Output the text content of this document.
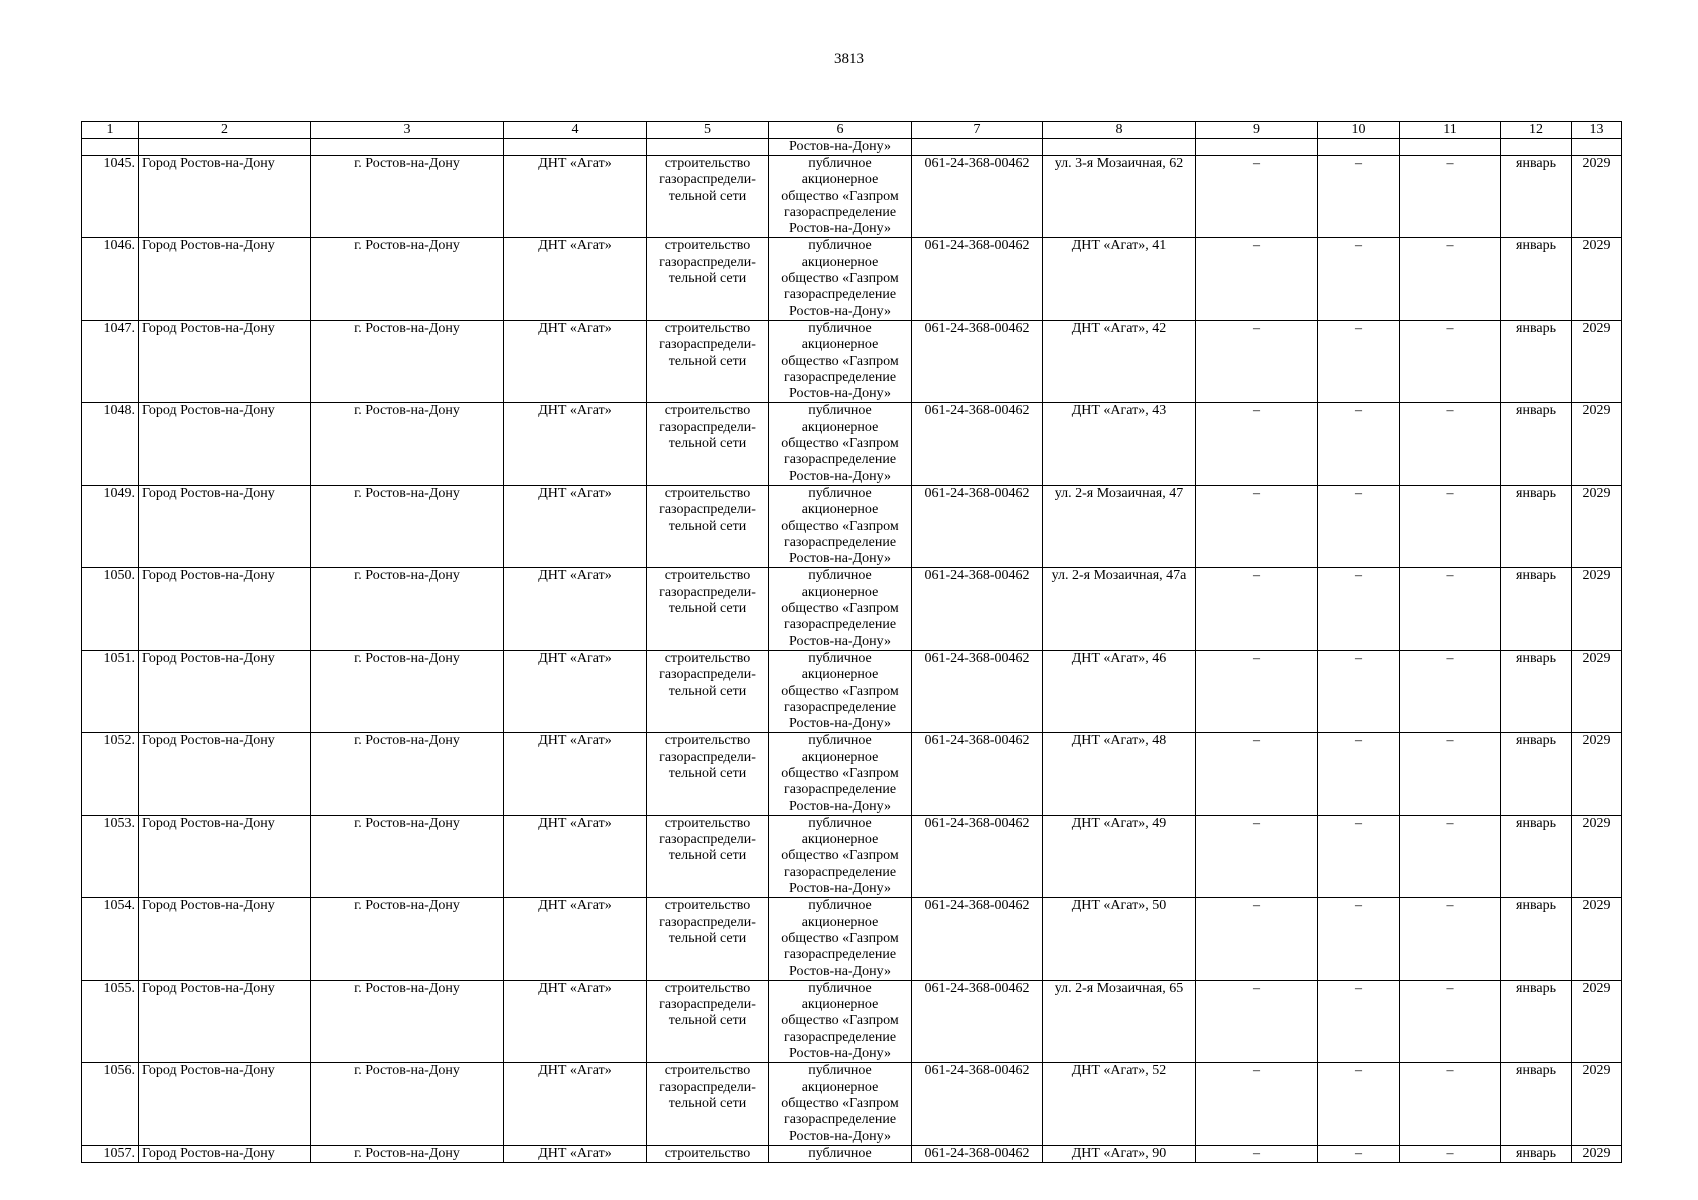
3813
1	2	3	4	5	6	7	8	9	10	11	12	13
					Ростов-на-Дону»							
1045.	Город Ростов-на-Дону	г. Ростов-на-Дону	ДНТ «Агат»	строительство газораспредели-тельной сети	публичное акционерное общество «Газпром газораспределение Ростов-на-Дону»	061-24-368-00462	ул. 3-я Мозаичная, 62	–	–	–	январь	2029
1046.	Город Ростов-на-Дону	г. Ростов-на-Дону	ДНТ «Агат»	строительство газораспредели-тельной сети	публичное акционерное общество «Газпром газораспределение Ростов-на-Дону»	061-24-368-00462	ДНТ «Агат», 41	–	–	–	январь	2029
1047.	Город Ростов-на-Дону	г. Ростов-на-Дону	ДНТ «Агат»	строительство газораспредели-тельной сети	публичное акционерное общество «Газпром газораспределение Ростов-на-Дону»	061-24-368-00462	ДНТ «Агат», 42	–	–	–	январь	2029
1048.	Город Ростов-на-Дону	г. Ростов-на-Дону	ДНТ «Агат»	строительство газораспредели-тельной сети	публичное акционерное общество «Газпром газораспределение Ростов-на-Дону»	061-24-368-00462	ДНТ «Агат», 43	–	–	–	январь	2029
1049.	Город Ростов-на-Дону	г. Ростов-на-Дону	ДНТ «Агат»	строительство газораспредели-тельной сети	публичное акционерное общество «Газпром газораспределение Ростов-на-Дону»	061-24-368-00462	ул. 2-я Мозаичная, 47	–	–	–	январь	2029
1050.	Город Ростов-на-Дону	г. Ростов-на-Дону	ДНТ «Агат»	строительство газораспредели-тельной сети	публичное акционерное общество «Газпром газораспределение Ростов-на-Дону»	061-24-368-00462	ул. 2-я Мозаичная, 47а	–	–	–	январь	2029
1051.	Город Ростов-на-Дону	г. Ростов-на-Дону	ДНТ «Агат»	строительство газораспредели-тельной сети	публичное акционерное общество «Газпром газораспределение Ростов-на-Дону»	061-24-368-00462	ДНТ «Агат», 46	–	–	–	январь	2029
1052.	Город Ростов-на-Дону	г. Ростов-на-Дону	ДНТ «Агат»	строительство газораспредели-тельной сети	публичное акционерное общество «Газпром газораспределение Ростов-на-Дону»	061-24-368-00462	ДНТ «Агат», 48	–	–	–	январь	2029
1053.	Город Ростов-на-Дону	г. Ростов-на-Дону	ДНТ «Агат»	строительство газораспредели-тельной сети	публичное акционерное общество «Газпром газораспределение Ростов-на-Дону»	061-24-368-00462	ДНТ «Агат», 49	–	–	–	январь	2029
1054.	Город Ростов-на-Дону	г. Ростов-на-Дону	ДНТ «Агат»	строительство газораспредели-тельной сети	публичное акционерное общество «Газпром газораспределение Ростов-на-Дону»	061-24-368-00462	ДНТ «Агат», 50	–	–	–	январь	2029
1055.	Город Ростов-на-Дону	г. Ростов-на-Дону	ДНТ «Агат»	строительство газораспредели-тельной сети	публичное акционерное общество «Газпром газораспределение Ростов-на-Дону»	061-24-368-00462	ул. 2-я Мозаичная, 65	–	–	–	январь	2029
1056.	Город Ростов-на-Дону	г. Ростов-на-Дону	ДНТ «Агат»	строительство газораспредели-тельной сети	публичное акционерное общество «Газпром газораспределение Ростов-на-Дону»	061-24-368-00462	ДНТ «Агат», 52	–	–	–	январь	2029
1057.	Город Ростов-на-Дону	г. Ростов-на-Дону	ДНТ «Агат»	строительство	публичное	061-24-368-00462	ДНТ «Агат», 90	–	–	–	январь	2029
